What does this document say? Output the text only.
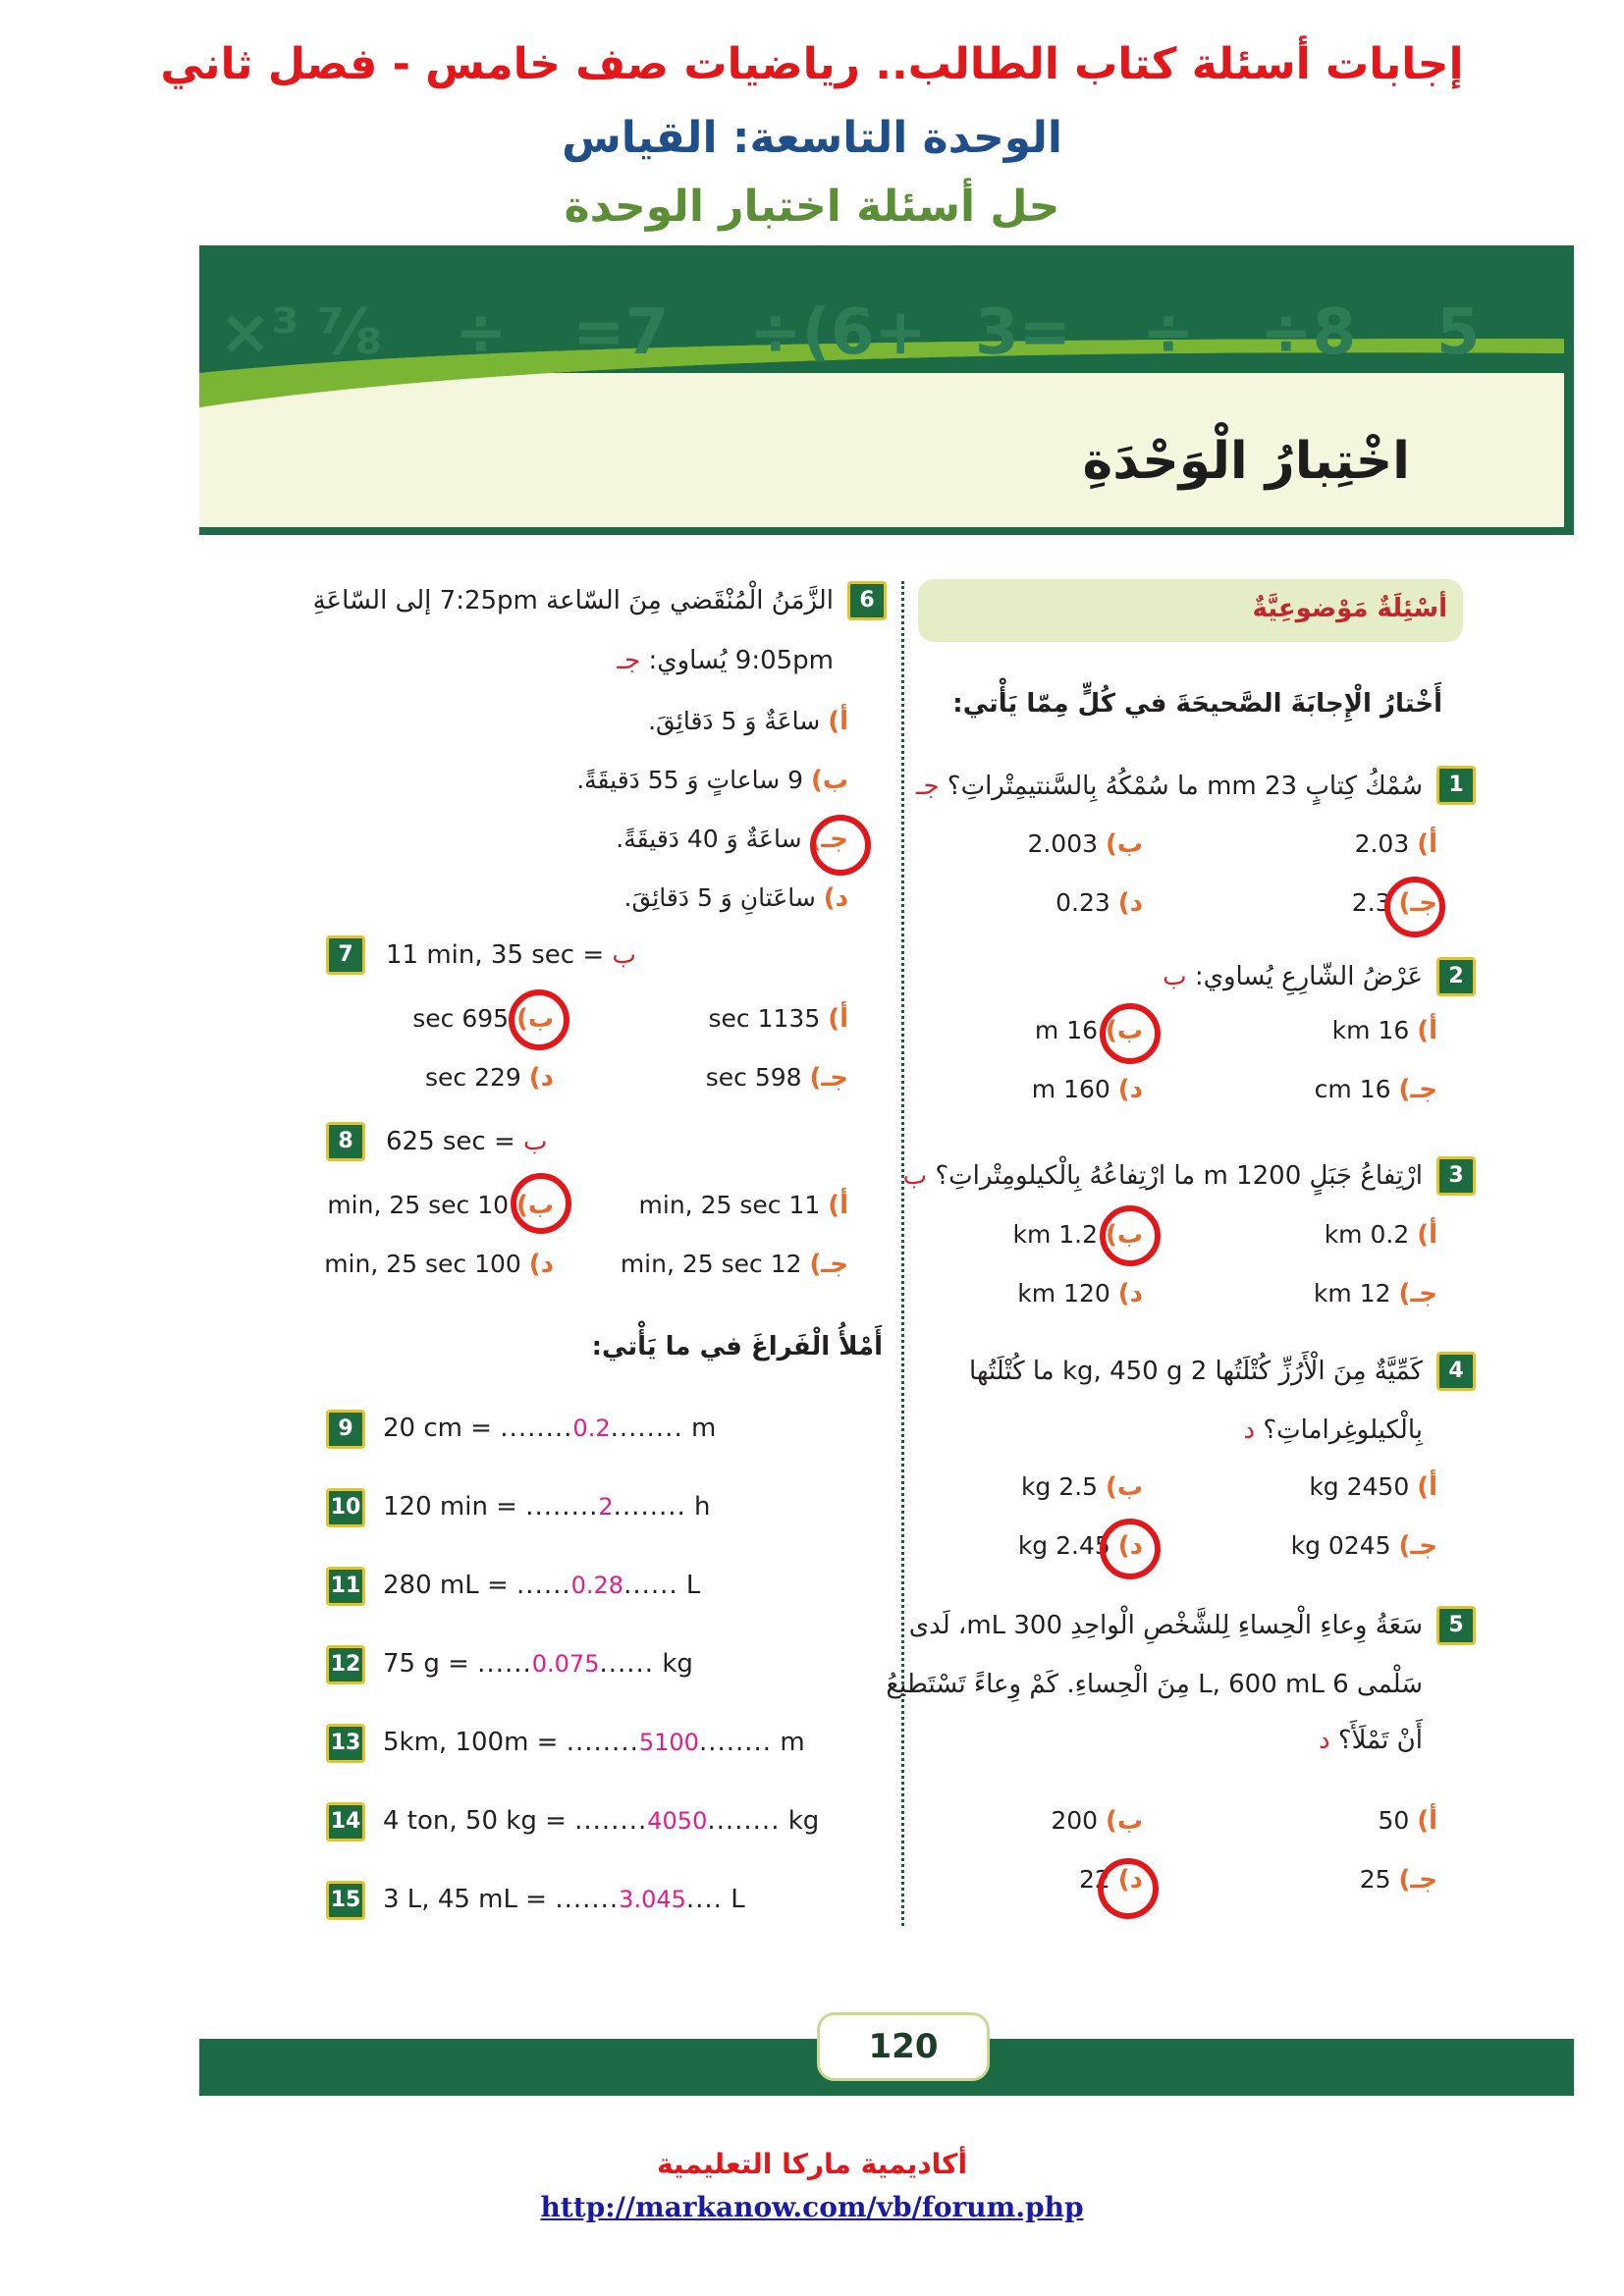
إجابات أسئلة كتاب الطالب.. رياضيات صف خامس - فصل ثاني
الوحدة التاسعة: القياس
حل أسئلة اختبار الوحدة
×³ ⁷⁄₈ ÷ =7 ÷(6+ 3= ÷ ÷8 5
اخْتِبارُ الْوَحْدَةِ
أسْئِلَةٌ مَوْضوعِيَّةٌ
أَخْتارُ الْإِجابَةَ الصَّحيحَةَ في كُلٍّ مِمّا يَأْتي:
1
سُمْكُ كِتابٍ 23 mm ما سُمْكُهُ بِالسَّنتيمِتْراتِ؟ جـ
أ) 2.03
ب) 2.003
جـ) 2.3
د) 0.23
2
عَرْضُ الشّارِعِ يُساوي: ب
أ) 16 km
ب) 16 m
جـ) 16 cm
د) 160 m
3
ارْتِفاعُ جَبَلٍ 1200 m ما ارْتِفاعُهُ بِالْكيلومِتْراتِ؟ ب
أ) 0.2 km
ب) 1.2 km
جـ) 12 km
د) 120 km
4
كَمِّيَّةٌ مِنَ الْأَرُزِّ كُتْلَتُها 2 kg, 450 g ما كُتْلَتُها
بِالْكيلوغِراماتِ؟ د
أ) 2450 kg
ب) 2.5 kg
جـ) 0245 kg
د) 2.45 kg
5
سَعَةُ وِعاءِ الْحِساءِ لِلشَّخْصِ الْواحِدِ 300 mL، لَدى
سَلْمى 6 L, 600 mL مِنَ الْحِساءِ. كَمْ وِعاءً تَسْتَطيعُ
أَنْ تَمْلَأَ؟ د
أ) 50
ب) 200
جـ) 25
د) 22
6
الزَّمَنُ الْمُنْقَضي مِنَ السّاعة 7:25pm إلى السّاعَةِ
9:05pm يُساوي: جـ
أ) ساعَةٌ وَ 5 دَقائِقَ.
ب) 9 ساعاتٍ وَ 55 دَقيقَةً.
جـ) ساعَةٌ وَ 40 دَقيقَةً.
د) ساعَتانِ وَ 5 دَقائِقَ.
7	11 min, 35 sec = ب
أ) 1135 sec
ب) 695 sec
جـ) 598 sec
د) 229 sec
8	625 sec = ب
أ) 11 min, 25 sec
ب) 10 min, 25 sec
جـ) 12 min, 25 sec
د) 100 min, 25 sec
أَمْلأُ الْفَراغَ في ما يَأْتي:
9	20 cm = ........0.2........ m
10 120 min = ........2........ h
11 280 mL = ......0.28...... L
12 75 g = ......0.075...... kg
13 5km, 100m = ........5100........ m
14 4 ton, 50 kg = ........4050........ kg
15 3 L, 45 mL = .......3.045.... L
120
أكاديمية ماركا التعليمية
http://markanow.com/vb/forum.php
